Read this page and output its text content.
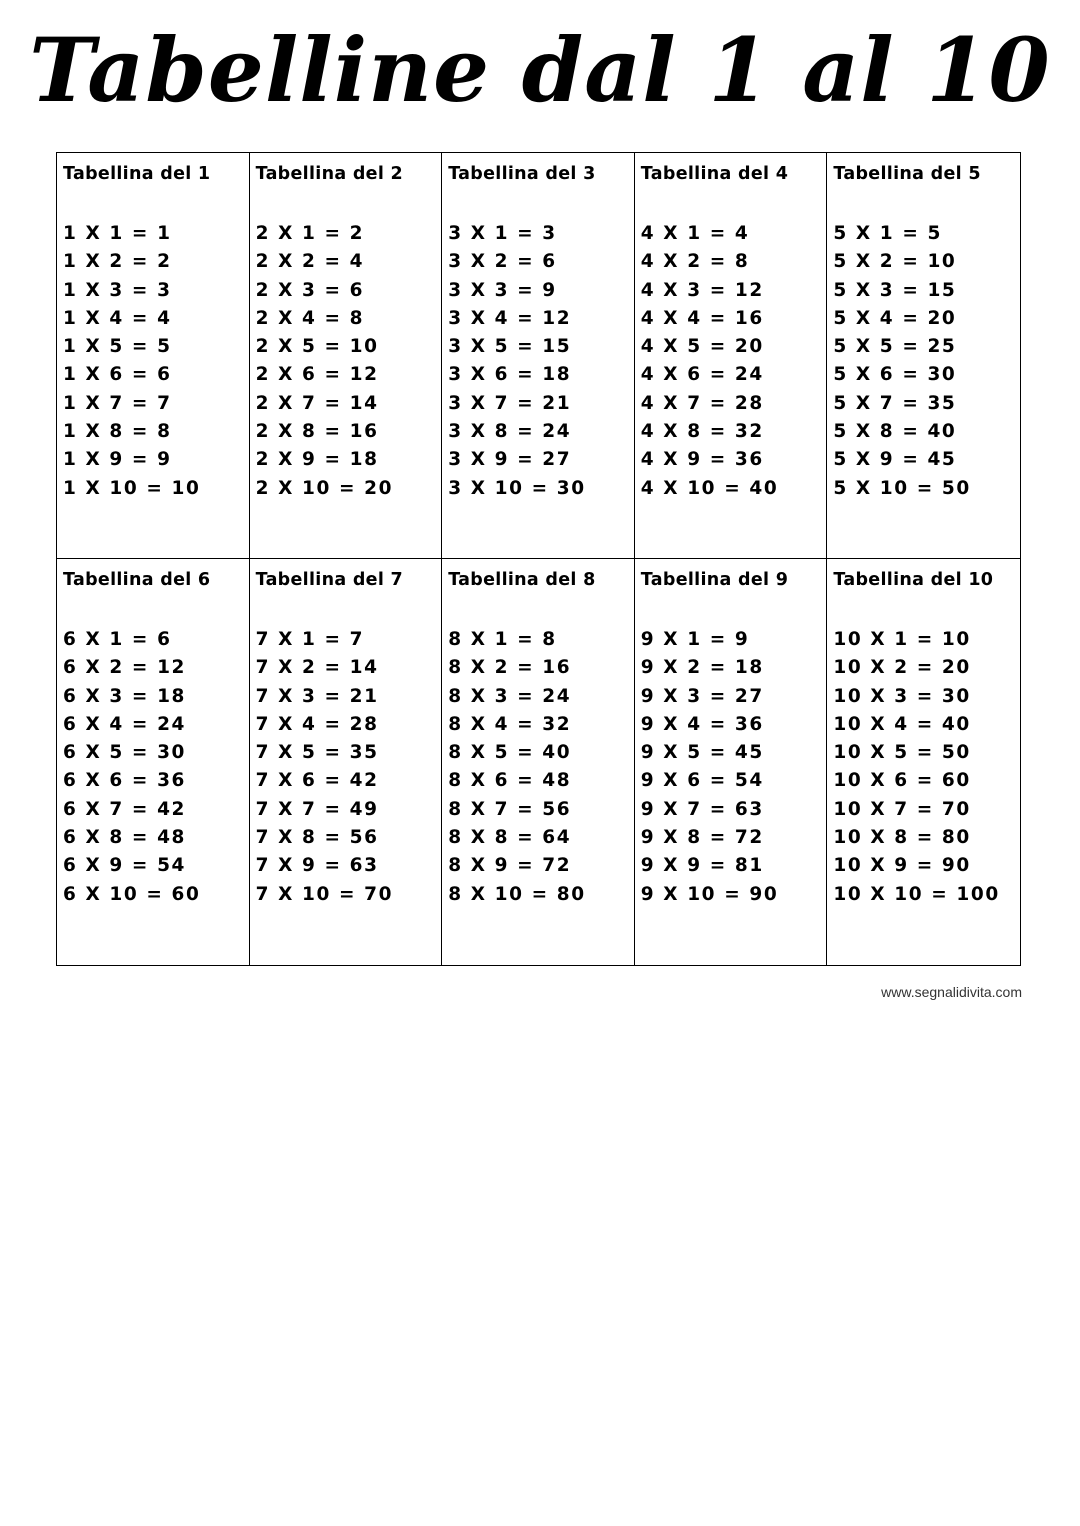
Tabelline dal 1 al 10
Tabellina del 1
1 X 1 = 1
1 X 2 = 2
1 X 3 = 3
1 X 4 = 4
1 X 5 = 5
1 X 6 = 6
1 X 7 = 7
1 X 8 = 8
1 X 9 = 9
1 X 10 = 10
Tabellina del 2
2 X 1 = 2
2 X 2 = 4
2 X 3 = 6
2 X 4 = 8
2 X 5 = 10
2 X 6 = 12
2 X 7 = 14
2 X 8 = 16
2 X 9 = 18
2 X 10 = 20
Tabellina del 3
3 X 1 = 3
3 X 2 = 6
3 X 3 = 9
3 X 4 = 12
3 X 5 = 15
3 X 6 = 18
3 X 7 = 21
3 X 8 = 24
3 X 9 = 27
3 X 10 = 30
Tabellina del 4
4 X 1 = 4
4 X 2 = 8
4 X 3 = 12
4 X 4 = 16
4 X 5 = 20
4 X 6 = 24
4 X 7 = 28
4 X 8 = 32
4 X 9 = 36
4 X 10 = 40
Tabellina del 5
5 X 1 = 5
5 X 2 = 10
5 X 3 = 15
5 X 4 = 20
5 X 5 = 25
5 X 6 = 30
5 X 7 = 35
5 X 8 = 40
5 X 9 = 45
5 X 10 = 50
Tabellina del 6
6 X 1 = 6
6 X 2 = 12
6 X 3 = 18
6 X 4 = 24
6 X 5 = 30
6 X 6 = 36
6 X 7 = 42
6 X 8 = 48
6 X 9 = 54
6 X 10 = 60
Tabellina del 7
7 X 1 = 7
7 X 2 = 14
7 X 3 = 21
7 X 4 = 28
7 X 5 = 35
7 X 6 = 42
7 X 7 = 49
7 X 8 = 56
7 X 9 = 63
7 X 10 = 70
Tabellina del 8
8 X 1 = 8
8 X 2 = 16
8 X 3 = 24
8 X 4 = 32
8 X 5 = 40
8 X 6 = 48
8 X 7 = 56
8 X 8 = 64
8 X 9 = 72
8 X 10 = 80
Tabellina del 9
9 X 1 = 9
9 X 2 = 18
9 X 3 = 27
9 X 4 = 36
9 X 5 = 45
9 X 6 = 54
9 X 7 = 63
9 X 8 = 72
9 X 9 = 81
9 X 10 = 90
Tabellina del 10
10 X 1 = 10
10 X 2 = 20
10 X 3 = 30
10 X 4 = 40
10 X 5 = 50
10 X 6 = 60
10 X 7 = 70
10 X 8 = 80
10 X 9 = 90
10 X 10 = 100
www.segnalidivita.com
